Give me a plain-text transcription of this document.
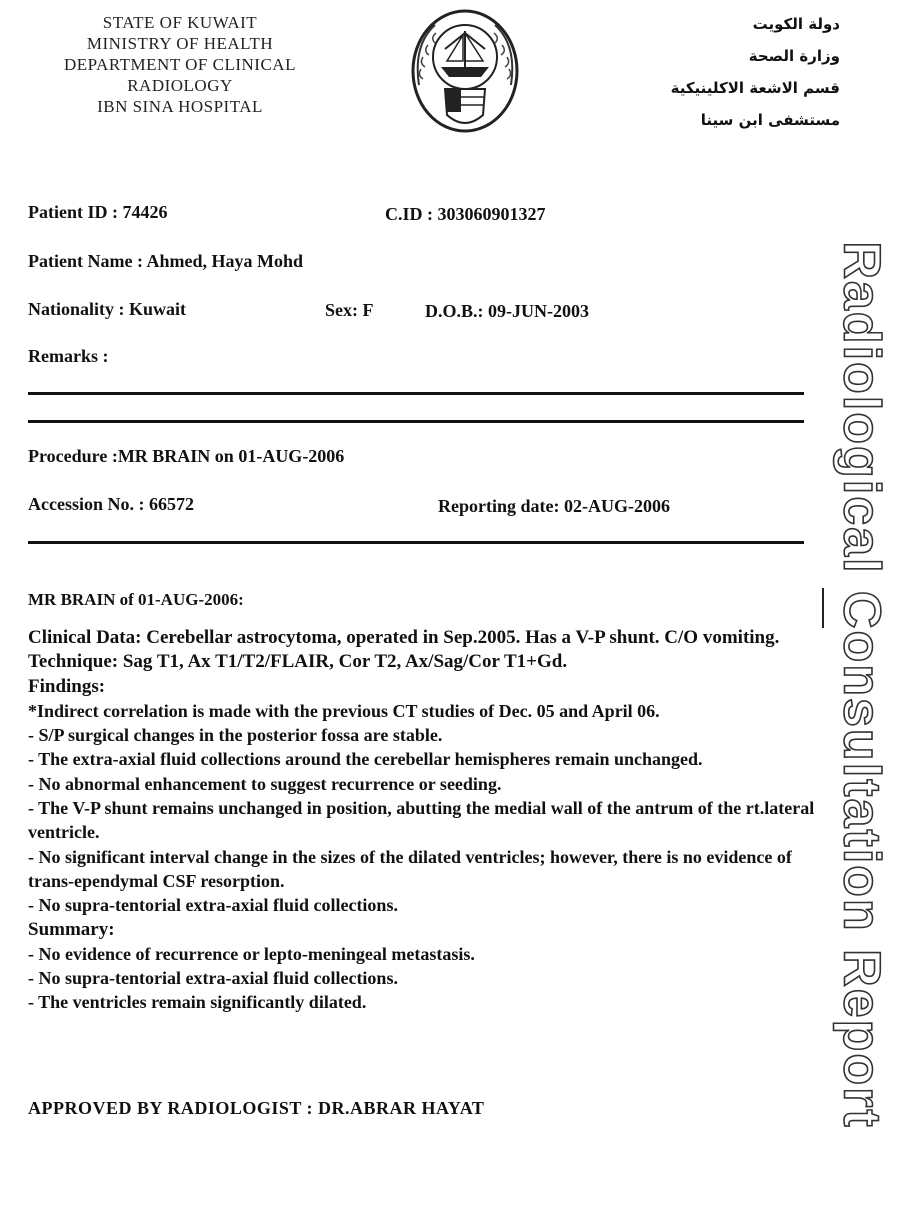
STATE OF KUWAIT
MINISTRY OF HEALTH
DEPARTMENT OF CLINICAL
RADIOLOGY
IBN SINA HOSPITAL
دولة الكويت
وزارة الصحة
قسم الاشعة الاكلينيكية
مستشفى ابن سينا
Patient ID : 74426	C.ID : 303060901327
Patient Name : Ahmed, Haya Mohd
Nationality : Kuwait	Sex: F	D.O.B.: 09-JUN-2003
Remarks :
Procedure :MR BRAIN on 01-AUG-2006
Accession No. : 66572	Reporting date: 02-AUG-2006

MR BRAIN of 01-AUG-2006:

Clinical Data: Cerebellar astrocytoma, operated in Sep.2005. Has a V-P shunt. C/O vomiting.

Technique: Sag T1, Ax T1/T2/FLAIR, Cor T2, Ax/Sag/Cor T1+Gd.

Findings:

*Indirect correlation is made with the previous CT studies of Dec. 05 and April 06.

- S/P surgical changes in the posterior fossa are stable.

- The extra-axial fluid collections around the cerebellar hemispheres remain unchanged.

- No abnormal enhancement to suggest recurrence or seeding.

- The V-P shunt remains unchanged in position, abutting the medial wall of the antrum of the rt.lateral ventricle.

- No significant interval change in the sizes of the dilated ventricles; however, there is no evidence of trans-ependymal CSF resorption.

- No supra-tentorial extra-axial fluid collections.

Summary:

- No evidence of recurrence or lepto-meningeal metastasis.

- No supra-tentorial extra-axial fluid collections.

- The ventricles remain significantly dilated.

APPROVED BY RADIOLOGIST : DR.ABRAR HAYAT	Radiological Consultation Report
